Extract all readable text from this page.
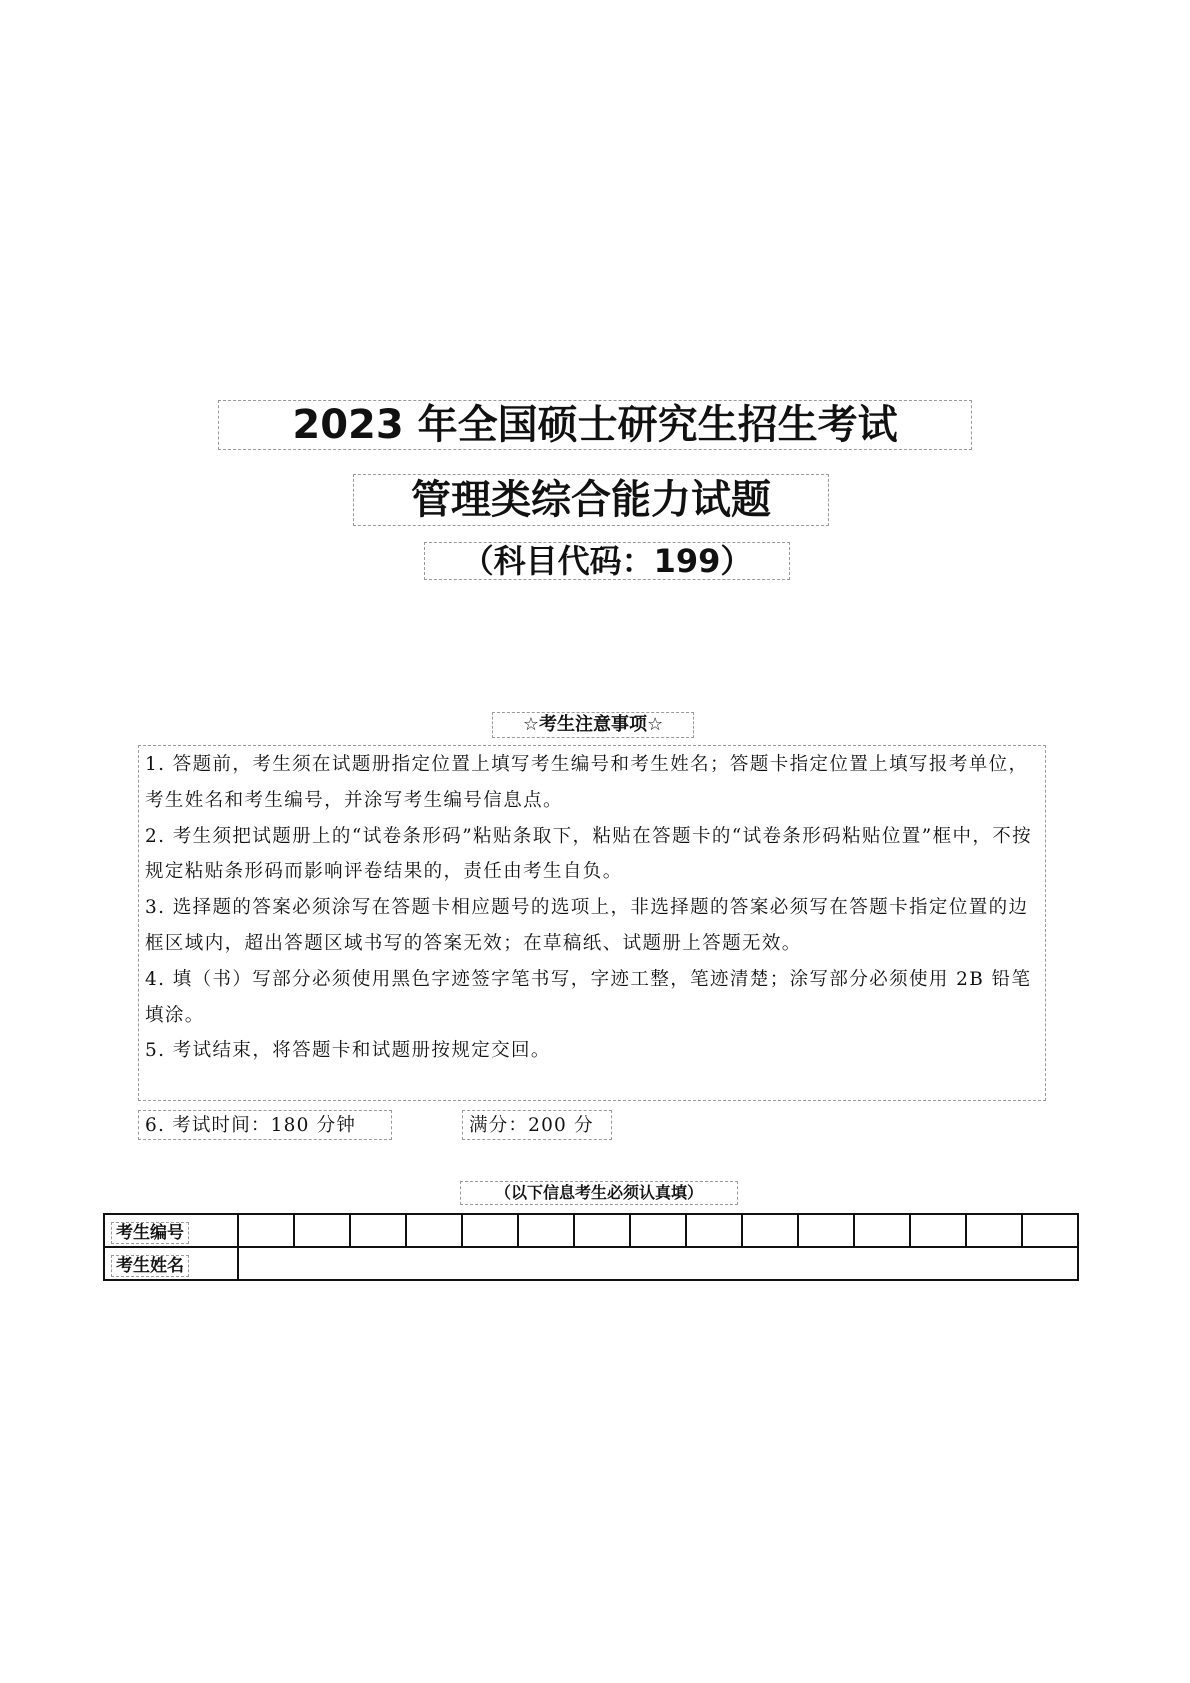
2023 年全国硕士研究生招生考试
管理类综合能力试题
（科目代码：199）
☆考生注意事项☆

1. 答题前，考生须在试题册指定位置上填写考生编号和考生姓名；答题卡指定位置上填写报考单位，考生姓名和考生编号，并涂写考生编号信息点。

2. 考生须把试题册上的“试卷条形码”粘贴条取下，粘贴在答题卡的“试卷条形码粘贴位置”框中，不按规定粘贴条形码而影响评卷结果的，责任由考生自负。

3. 选择题的答案必须涂写在答题卡相应题号的选项上，非选择题的答案必须写在答题卡指定位置的边框区域内，超出答题区域书写的答案无效；在草稿纸、试题册上答题无效。

4. 填（书）写部分必须使用黑色字迹签字笔书写，字迹工整，笔迹清楚；涂写部分必须使用 2B 铅笔填涂。

5. 考试结束，将答题卡和试题册按规定交回。

6. 考试时间：180 分钟	满分：200 分
（以下信息考生必须认真填）
考生编号															
考生姓名															
